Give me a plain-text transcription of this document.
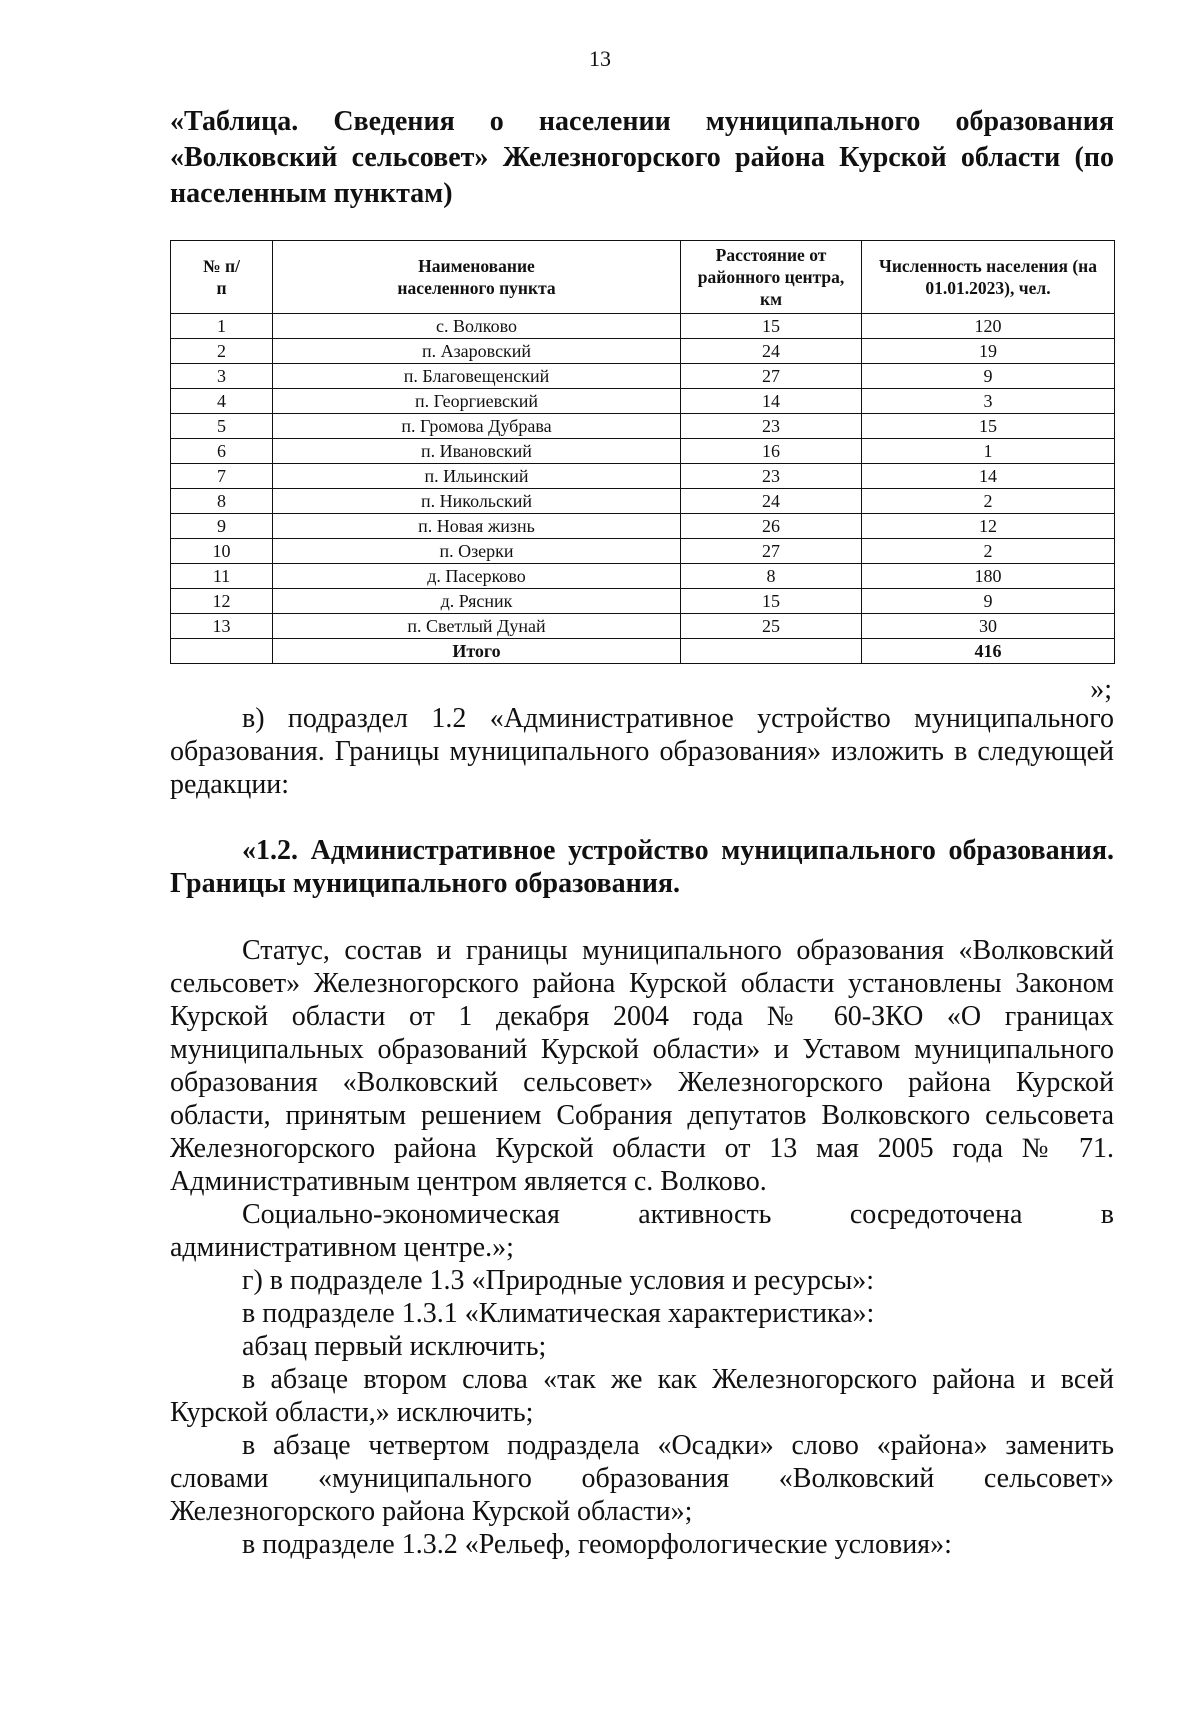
13

«Таблица. Сведения о населении муниципального образования «Волковский сельсовет» Железногорского района Курской области (по населенным пунктам)

№ п/п	Наименование населенного пункта	Расстояние от районного центра, км	Численность населения (на 01.01.2023), чел.
1	с. Волково	15	120
2	п. Азаровский	24	19
3	п. Благовещенский	27	9
4	п. Георгиевский	14	3
5	п. Громова Дубрава	23	15
6	п. Ивановский	16	1
7	п. Ильинский	23	14
8	п. Никольский	24	2
9	п. Новая жизнь	26	12
10	п. Озерки	27	2
11	д. Пасерково	8	180
12	д. Рясник	15	9
13	п. Светлый Дунай	25	30
	Итого		416
»;

в) подраздел 1.2 «Административное устройство муниципального образования. Границы муниципального образования» изложить в следующей редакции:

«1.2. Административное устройство муниципального образования. Границы муниципального образования.

Статус, состав и границы муниципального образования «Волковский сельсовет» Железногорского района Курской области установлены Законом Курской области от 1 декабря 2004 года № 60-ЗКО «О границах муниципальных образований Курской области» и Уставом муниципального образования «Волковский сельсовет» Железногорского района Курской области, принятым решением Собрания депутатов Волковского сельсовета Железногорского района Курской области от 13 мая 2005 года № 71. Административным центром является с. Волково.

Социально-экономическая активность сосредоточена в административном центре.»;

г) в подразделе 1.3 «Природные условия и ресурсы»:

в подразделе 1.3.1 «Климатическая характеристика»:

абзац первый исключить;

в абзаце втором слова «так же как Железногорского района и всей Курской области,» исключить;

в абзаце четвертом подраздела «Осадки» слово «района» заменить словами «муниципального образования «Волковский сельсовет» Железногорского района Курской области»;

в подразделе 1.3.2 «Рельеф, геоморфологические условия»:
